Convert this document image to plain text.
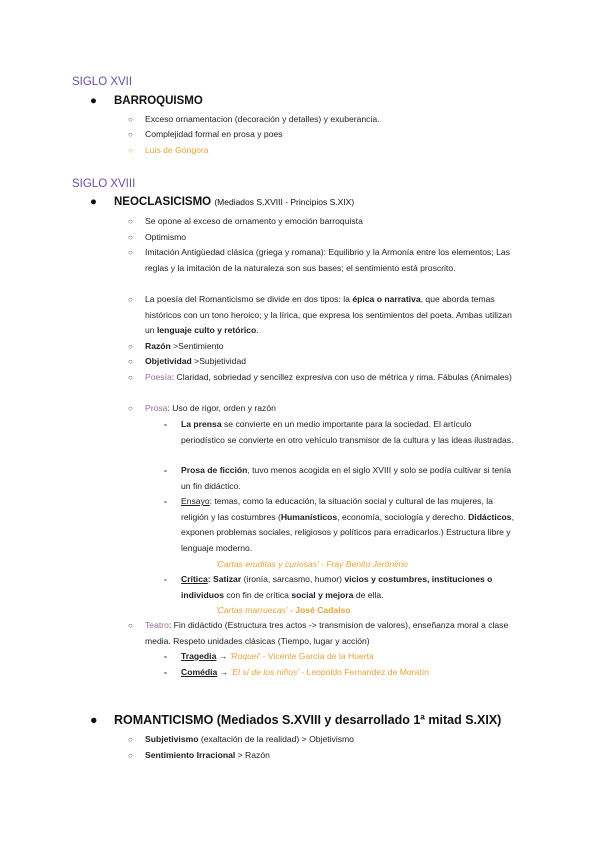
SIGLO XVII
● BARROQUISMO
○ Exceso ornamentacion (decoración y detalles) y exuberancia.
○ Complejidad formal en prosa y poes
○ Luis de Góngora
SIGLO XVIII
● NEOCLASICISMO (Mediados S.XVIII - Principios S.XIX)
○ Se opone al exceso de ornamento y emoción barroquista
○ Optimismo
○ Imitación Antigüedad clásica (griega y romana): Equilibrio y la Armonía entre los elementos; Las reglas y la imitación de la naturaleza son sus bases; el sentimiento está proscrito.
○ La poesía del Romanticismo se divide en dos tipos: la épica o narrativa, que aborda temas históricos con un tono heroico; y la lírica, que expresa los sentimientos del poeta. Ambas utilizan un lenguaje culto y retórico.
○ Razón >Sentimiento
○ Objetividad >Subjetividad
○ Poesía: Claridad, sobriedad y sencillez expresiva con uso de métrica y rima. Fábulas (Animales)
○ Prosa: Uso de rigor, orden y razón
- La prensa se convierte en un medio importante para la sociedad. El artículo periodístico se convierte en otro vehículo transmisor de la cultura y las ideas ilustradas.
- Prosa de ficción, tuvo menos acogida en el siglo XVIII y solo se podía cultivar si tenía un fin didáctico.
- Ensayo: temas, como la educación, la situación social y cultural de las mujeres, la religión y las costumbres (Humanísticos, economía, sociología y derecho. Didácticos, exponen problemas sociales, religiosos y políticos para erradicarlos.) Estructura libre y lenguaje moderno.
'Cartas eruditas y curiosas' - Fray Benito Jerónimo
- Crítica: Satizar (ironía, sarcasmo, humor) vicios y costumbres, instituciones o individuos con fin de crítica social y mejora de ella.
'Cartas marruecas' - José Cadalso
○ Teatro: Fin didáctido (Estructura tres actos -> transmision de valores), enseñanza moral a clase media. Respeto unidades clásicas (Tiempo, lugar y acción)
- Tragedia → 'Roquel' - Vicente García de la Huerta
- Comédia → 'El sí de los niños' - Leopoldo Fernandez de Moratín
● ROMANTICISMO (Mediados S.XVIII y desarrollado 1ª mitad S.XIX)
○ Subjetivismo (exaltación de la realidad) > Objetivismo
○ Sentimiento Irracional > Razón
